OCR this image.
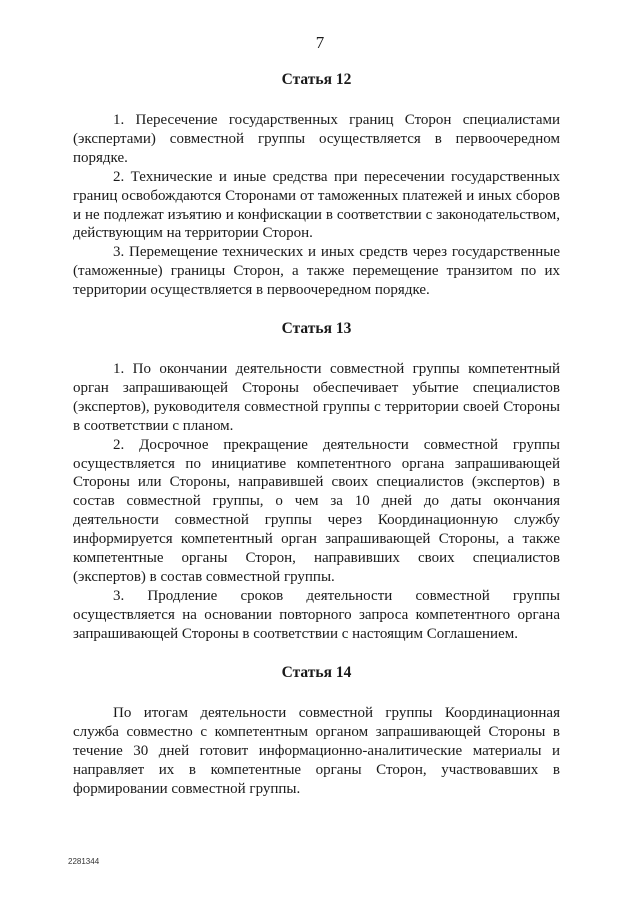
7
Статья 12

1. Пересечение государственных границ Сторон специалистами (экспертами) совместной группы осуществляется в первоочередном порядке.

2. Технические и иные средства при пересечении государственных границ освобождаются Сторонами от таможенных платежей и иных сборов и не подлежат изъятию и конфискации в соответствии с законодательством, действующим на территории Сторон.

3. Перемещение технических и иных средств через государственные (таможенные) границы Сторон, а также перемещение транзитом по их территории осуществляется в первоочередном порядке.

Статья 13

1. По окончании деятельности совместной группы компетентный орган запрашивающей Стороны обеспечивает убытие специалистов (экспертов), руководителя совместной группы с территории своей Стороны в соответствии с планом.

2. Досрочное прекращение деятельности совместной группы осуществляется по инициативе компетентного органа запрашивающей Стороны или Стороны, направившей своих специалистов (экспертов) в состав совместной группы, о чем за 10 дней до даты окончания деятельности совместной группы через Координационную службу информируется компетентный орган запрашивающей Стороны, а также компетентные органы Сторон, направивших своих специалистов (экспертов) в состав совместной группы.

3. Продление сроков деятельности совместной группы осуществляется на основании повторного запроса компетентного органа запрашивающей Стороны в соответствии с настоящим Соглашением.

Статья 14

По итогам деятельности совместной группы Координационная служба совместно с компетентным органом запрашивающей Стороны в течение 30 дней готовит информационно-аналитические материалы и направляет их в компетентные органы Сторон, участвовавших в формировании совместной группы.

2281344
